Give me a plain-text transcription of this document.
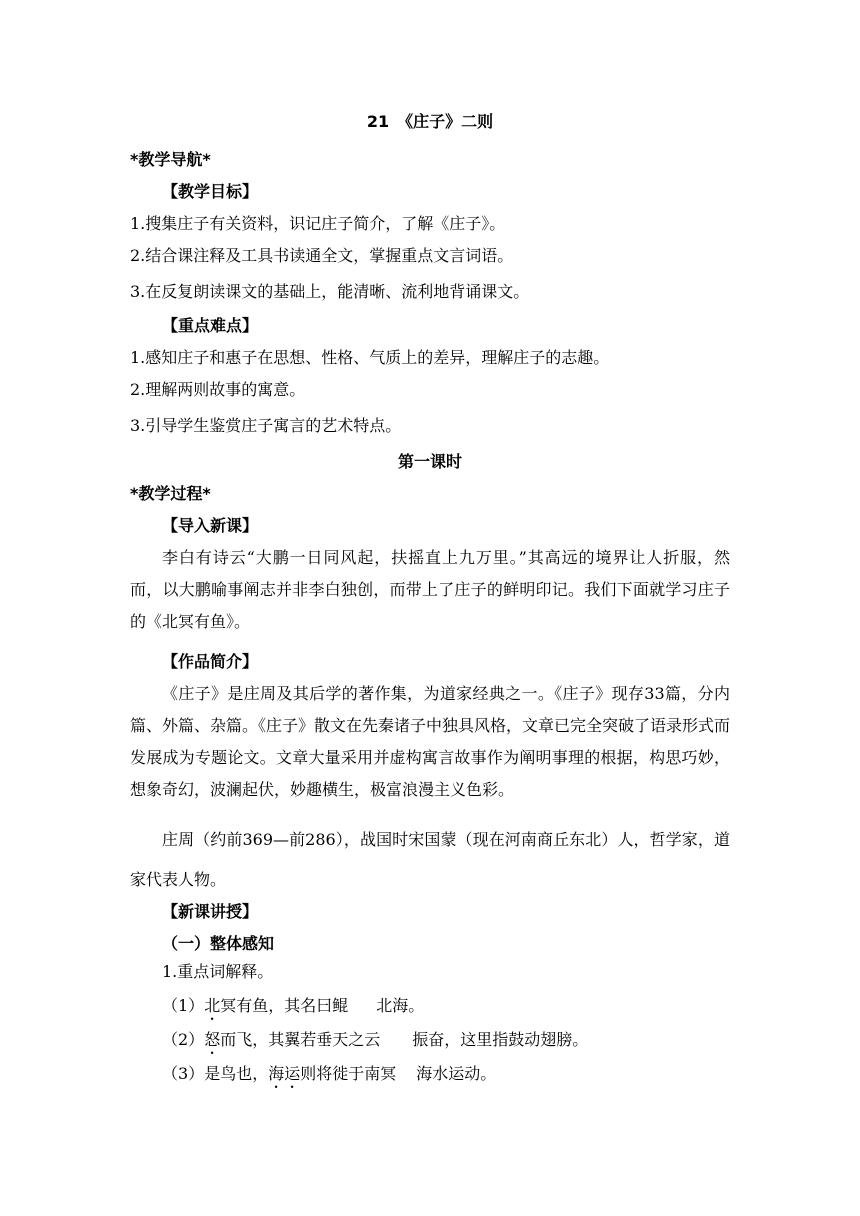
21　《庄子》二则
*教学导航*
【教学目标】
1.搜集庄子有关资料，识记庄子简介，了解《庄子》。
2.结合课注释及工具书读通全文，掌握重点文言词语。
3.在反复朗读课文的基础上，能清晰、流利地背诵课文。
【重点难点】
1.感知庄子和惠子在思想、性格、气质上的差异，理解庄子的志趣。
2.理解两则故事的寓意。
3.引导学生鉴赏庄子寓言的艺术特点。
第一课时
*教学过程*
【导入新课】
李白有诗云“大鹏一日同风起，扶摇直上九万里。”其高远的境界让人折服，然而，以大鹏喻事阐志并非李白独创，而带上了庄子的鲜明印记。我们下面就学习庄子的《北冥有鱼》。
【作品简介】
《庄子》是庄周及其后学的著作集，为道家经典之一。《庄子》现存33篇，分内篇、外篇、杂篇。《庄子》散文在先秦诸子中独具风格，文章已完全突破了语录形式而发展成为专题论文。文章大量采用并虚构寓言故事作为阐明事理的根据，构思巧妙，想象奇幻，波澜起伏，妙趣横生，极富浪漫主义色彩。
庄周（约前369—前286），战国时宋国蒙（现在河南商丘东北）人，哲学家，道家代表人物。
【新课讲授】
（一）整体感知
1.重点词解释。
（1）北冥有鱼，其名曰鲲 北海。
（2）怒而飞，其翼若垂天之云 振奋，这里指鼓动翅膀。
（3）是鸟也，海运则将徙于南冥 海水运动。
